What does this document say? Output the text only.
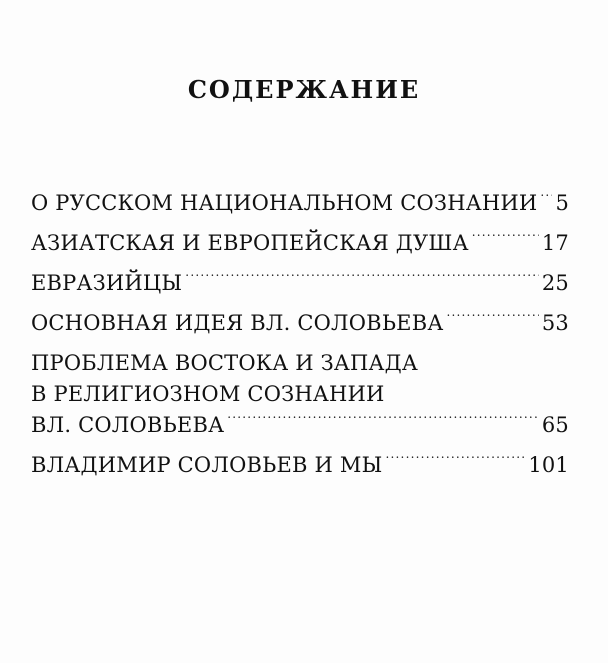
СОДЕРЖАНИЕ
О РУССКОМ НАЦИОНАЛЬНОМ СОЗНАНИИ . . . 5
АЗИАТСКАЯ И ЕВРОПЕЙСКАЯ ДУША . . .	17
ЕВРАЗИЙЦЫ . . .	25
ОСНОВНАЯ ИДЕЯ ВЛ. СОЛОВЬЕВА . . .	53
ПРОБЛЕМА ВОСТОКА И ЗАПАДА
В РЕЛИГИОЗНОМ СОЗНАНИИ
ВЛ. СОЛОВЬЕВА . . .	65
ВЛАДИМИР СОЛОВЬЕВ И МЫ . . .	101
